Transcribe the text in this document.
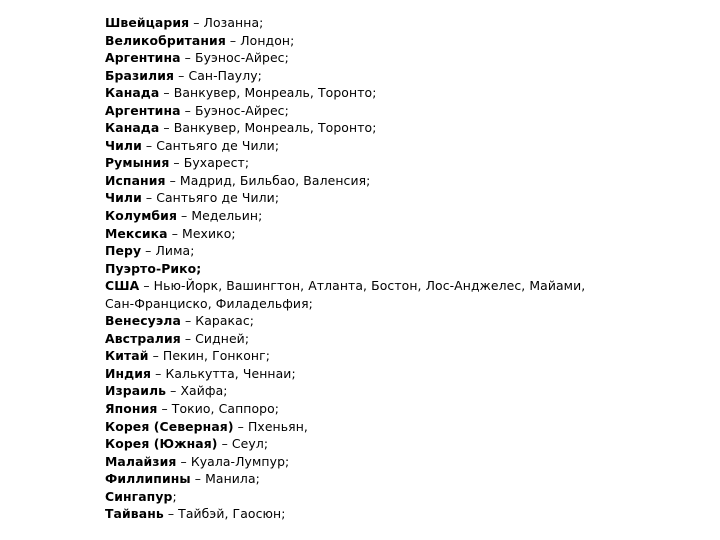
Швейцария – Лозанна;
Великобритания – Лондон;
Аргентина – Буэнос-Айрес;
Бразилия – Сан-Паулу;
Канада – Ванкувер, Монреаль, Торонто;
Аргентина – Буэнос-Айрес;
Канада – Ванкувер, Монреаль, Торонто;
Чили – Сантьяго де Чили;
Румыния – Бухарест;
Испания – Мадрид, Бильбао, Валенсия;
Чили – Сантьяго де Чили;
Колумбия – Медельин;
Мексика – Мехико;
Перу – Лима;
Пуэрто-Рико;
США – Нью-Йорк, Вашингтон, Атланта, Бостон, Лос-Анджелес, Майами,
Сан-Франциско, Филадельфия;
Венесуэла – Каракас;
Австралия – Сидней;
Китай – Пекин, Гонконг;
Индия – Калькутта, Ченнаи;
Израиль – Хайфа;
Япония – Токио, Саппоро;
Корея (Северная) – Пхеньян,
Корея (Южная) – Сеул;
Малайзия – Куала-Лумпур;
Филлипины – Манила;
Сингапур;
Тайвань – Тайбэй, Гаосюн;
